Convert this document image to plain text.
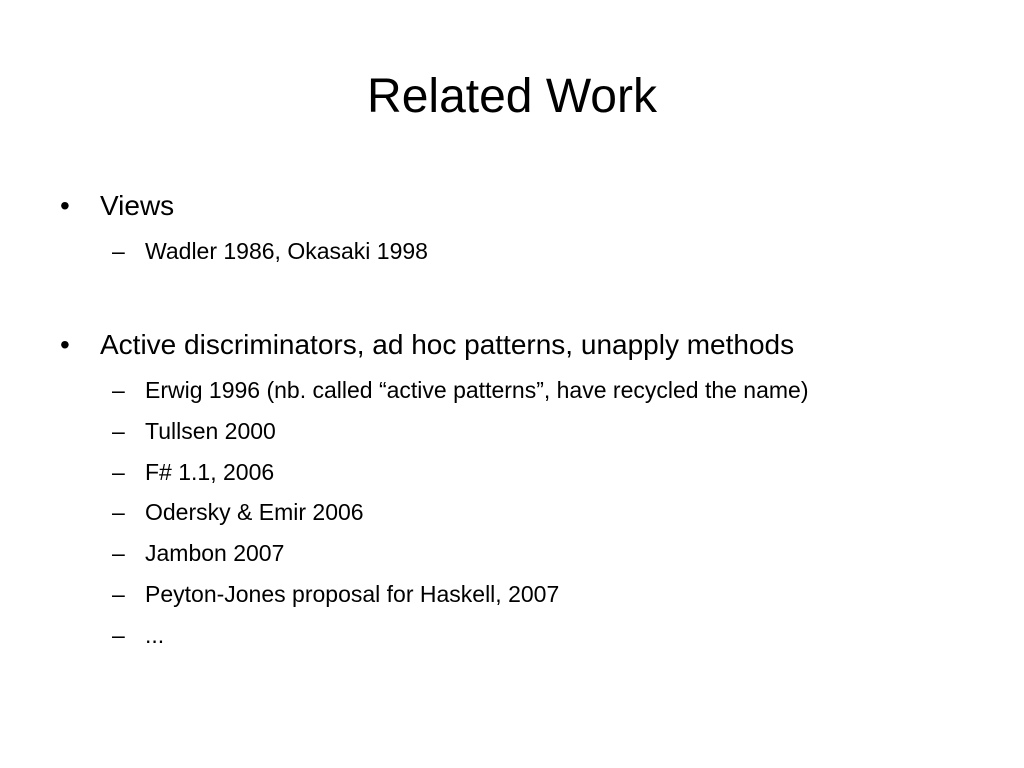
Related Work
•	Views
– Wadler 1986, Okasaki 1998
•	Active discriminators, ad hoc patterns, unapply methods
– Erwig 1996 (nb. called “active patterns”, have recycled the name)
– Tullsen 2000
– F# 1.1, 2006
– Odersky & Emir 2006
– Jambon 2007
– Peyton-Jones proposal for Haskell, 2007
– ...
